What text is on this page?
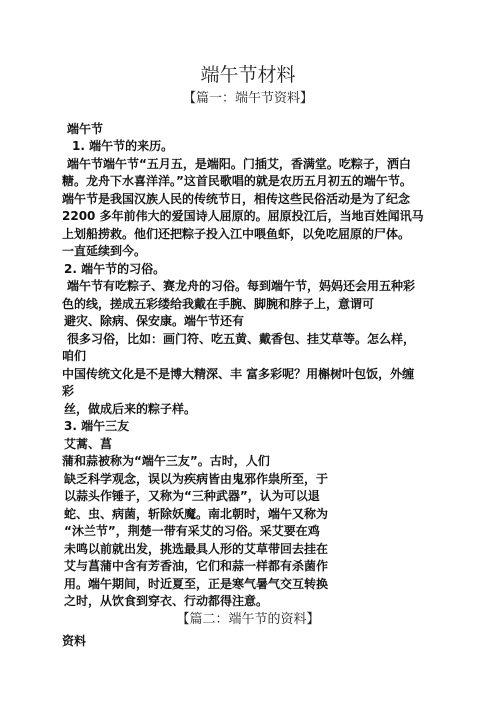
端午节材料
【篇一：端午节资料】
端午节
1. 端午节的来历。
端午节端午节“五月五，是端阳。门插艾，香满堂。吃粽子，洒白
糖。龙舟下水喜洋洋。”这首民歌唱的就是农历五月初五的端午节。
端午节是我国汉族人民的传统节日，相传这些民俗活动是为了纪念
2200 多年前伟大的爱国诗人屈原的。屈原投江后，当地百姓闻讯马
上划船捞救。他们还把粽子投入江中喂鱼虾，以免吃屈原的尸体。
一直延续到今。
2. 端午节的习俗。
端午节有吃粽子、赛龙舟的习俗。每到端午节，妈妈还会用五种彩
色的线，搓成五彩缕给我戴在手腕、脚腕和脖子上，意谓可
避灾、除病、保安康。端午节还有
很多习俗，比如：画门符、吃五黄、戴香包、挂艾草等。怎么样，
咱们
中国传统文化是不是博大精深、丰 富多彩呢？用槲树叶包饭，外缠
彩
丝，做成后来的粽子样。
3. 端午三友
艾蒿、菖
蒲和蒜被称为“端午三友”。古时，人们
缺乏科学观念，误以为疾病皆由鬼邪作祟所至，于
以蒜头作锤子，又称为“三种武器”，认为可以退
蛇、虫、病菌，斩除妖魔。南北朝时，端午又称为
“沐兰节”，荆楚一带有采艾的习俗。采艾要在鸡
未鸣以前就出发，挑选最具人形的艾草带回去挂在
艾与菖蒲中含有芳香油，它们和蒜一样都有杀菌作
用。端午期间，时近夏至，正是寒气暑气交互转换
之时，从饮食到穿衣、行动都得注意。
【篇二：端午节的资料】
资料
